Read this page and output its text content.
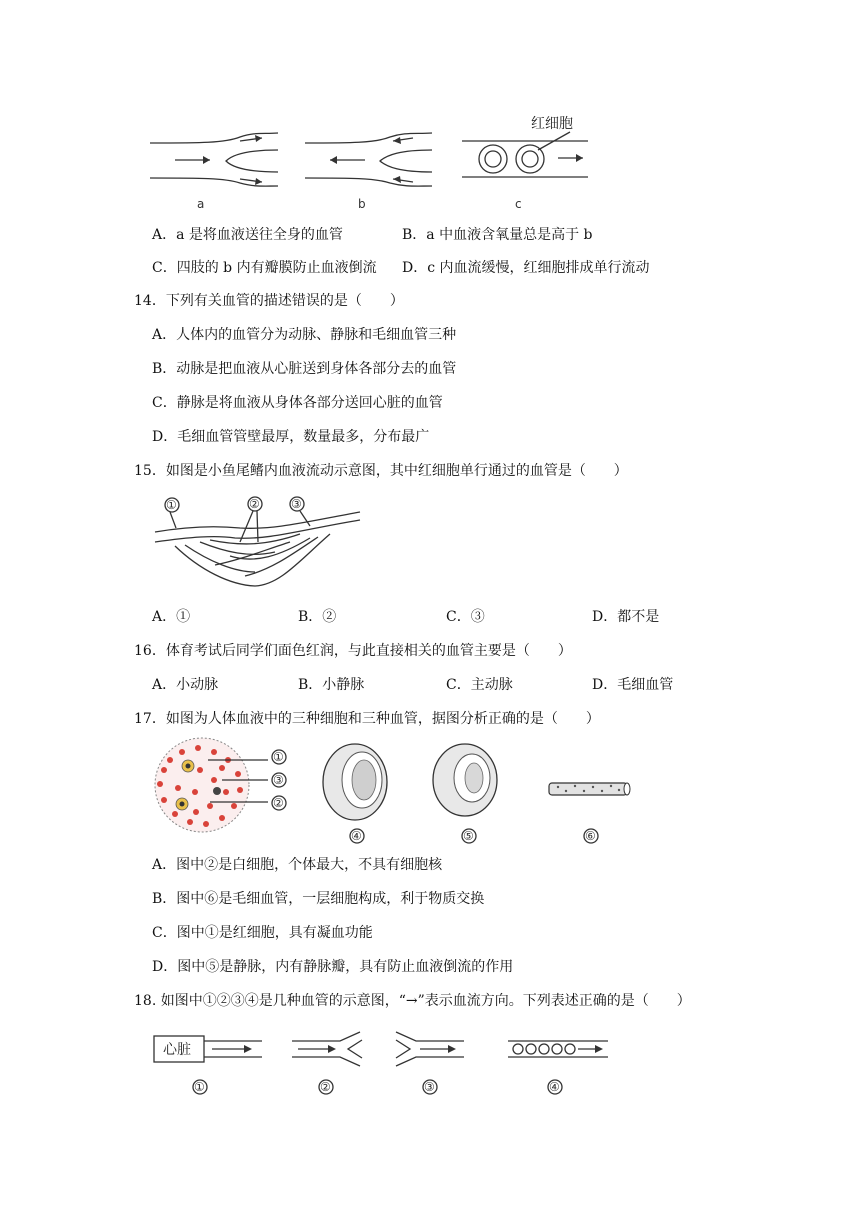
红细胞
a	b	c
A．a 是将血液送往全身的血管	B．a 中血液含氧量总是高于 b
C．四肢的 b 内有瓣膜防止血液倒流 D．c 内血流缓慢，红细胞排成单行流动
14．下列有关血管的描述错误的是（　　）
A．人体内的血管分为动脉、静脉和毛细血管三种
B．动脉是把血液从心脏送到身体各部分去的血管
C．静脉是将血液从身体各部分送回心脏的血管
D．毛细血管管壁最厚，数量最多，分布最广
15．如图是小鱼尾鳍内血液流动示意图，其中红细胞单行通过的血管是（　　）
①	②	③
A．①	B．②	C．③	D．都不是
16．体育考试后同学们面色红润，与此直接相关的血管主要是（　　）
A．小动脉	B．小静脉	C．主动脉	D．毛细血管
17．如图为人体血液中的三种细胞和三种血管，据图分析正确的是（　　）
①
③
②
④	⑤	⑥
A．图中②是白细胞，个体最大，不具有细胞核
B．图中⑥是毛细血管，一层细胞构成，利于物质交换
C．图中①是红细胞，具有凝血功能
D．图中⑤是静脉，内有静脉瓣，具有防止血液倒流的作用
18. 如图中①②③④是几种血管的示意图，“→”表示血流方向。下列表述正确的是（　　）
心脏
①	②	③	④
